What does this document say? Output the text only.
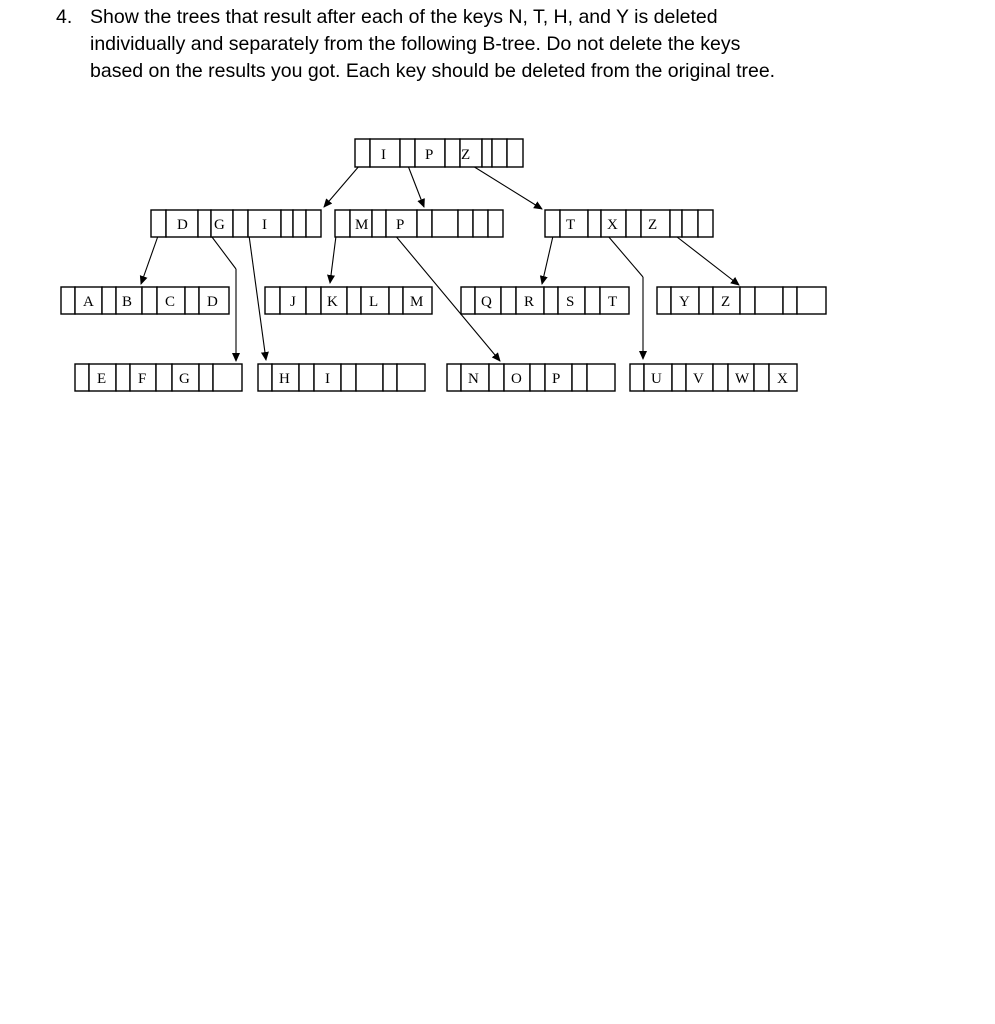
4. Show the trees that result after each of the keys N, T, H, and Y is deleted
individually and separately from the following B-tree. Do not delete the keys
based on the results you got. Each key should be deleted from the original tree.
I	P Z
D G I	M P	T X Z
A B C D	J K L M	Q R S T	Y Z
E F G	H I	N O P	U V W X
